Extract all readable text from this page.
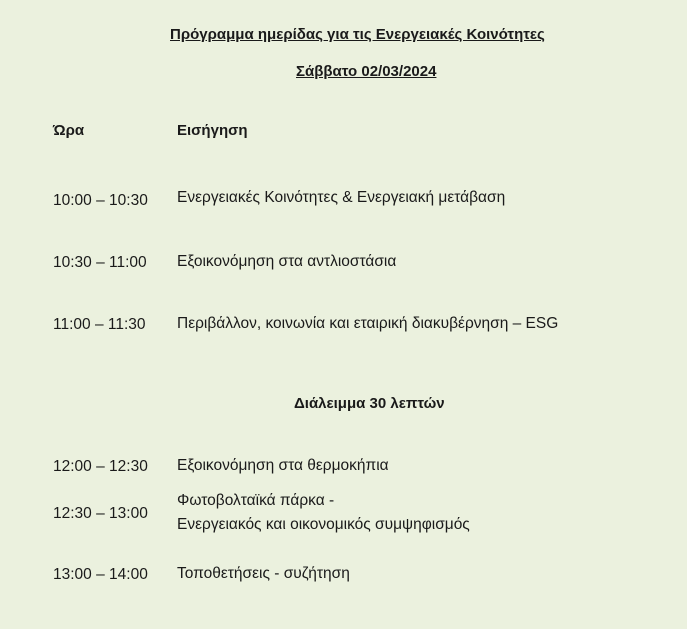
Πρόγραμμα ημερίδας για τις Ενεργειακές Κοινότητες
Σάββατο 02/03/2024
Ώρα	Εισήγηση
10:00 – 10:30 Ενεργειακές Κοινότητες & Ενεργειακή μετάβαση
10:30 – 11:00 Εξοικονόμηση στα αντλιοστάσια
11:00 – 11:30 Περιβάλλον, κοινωνία και εταιρική διακυβέρνηση – ESG
Διάλειμμα 30 λεπτών
12:00 – 12:30 Εξοικονόμηση στα θερμοκήπια
12:30 – 13:00
Φωτοβολταϊκά πάρκα -
Ενεργειακός και οικονομικός συμψηφισμός
13:00 – 14:00 Τοποθετήσεις - συζήτηση
